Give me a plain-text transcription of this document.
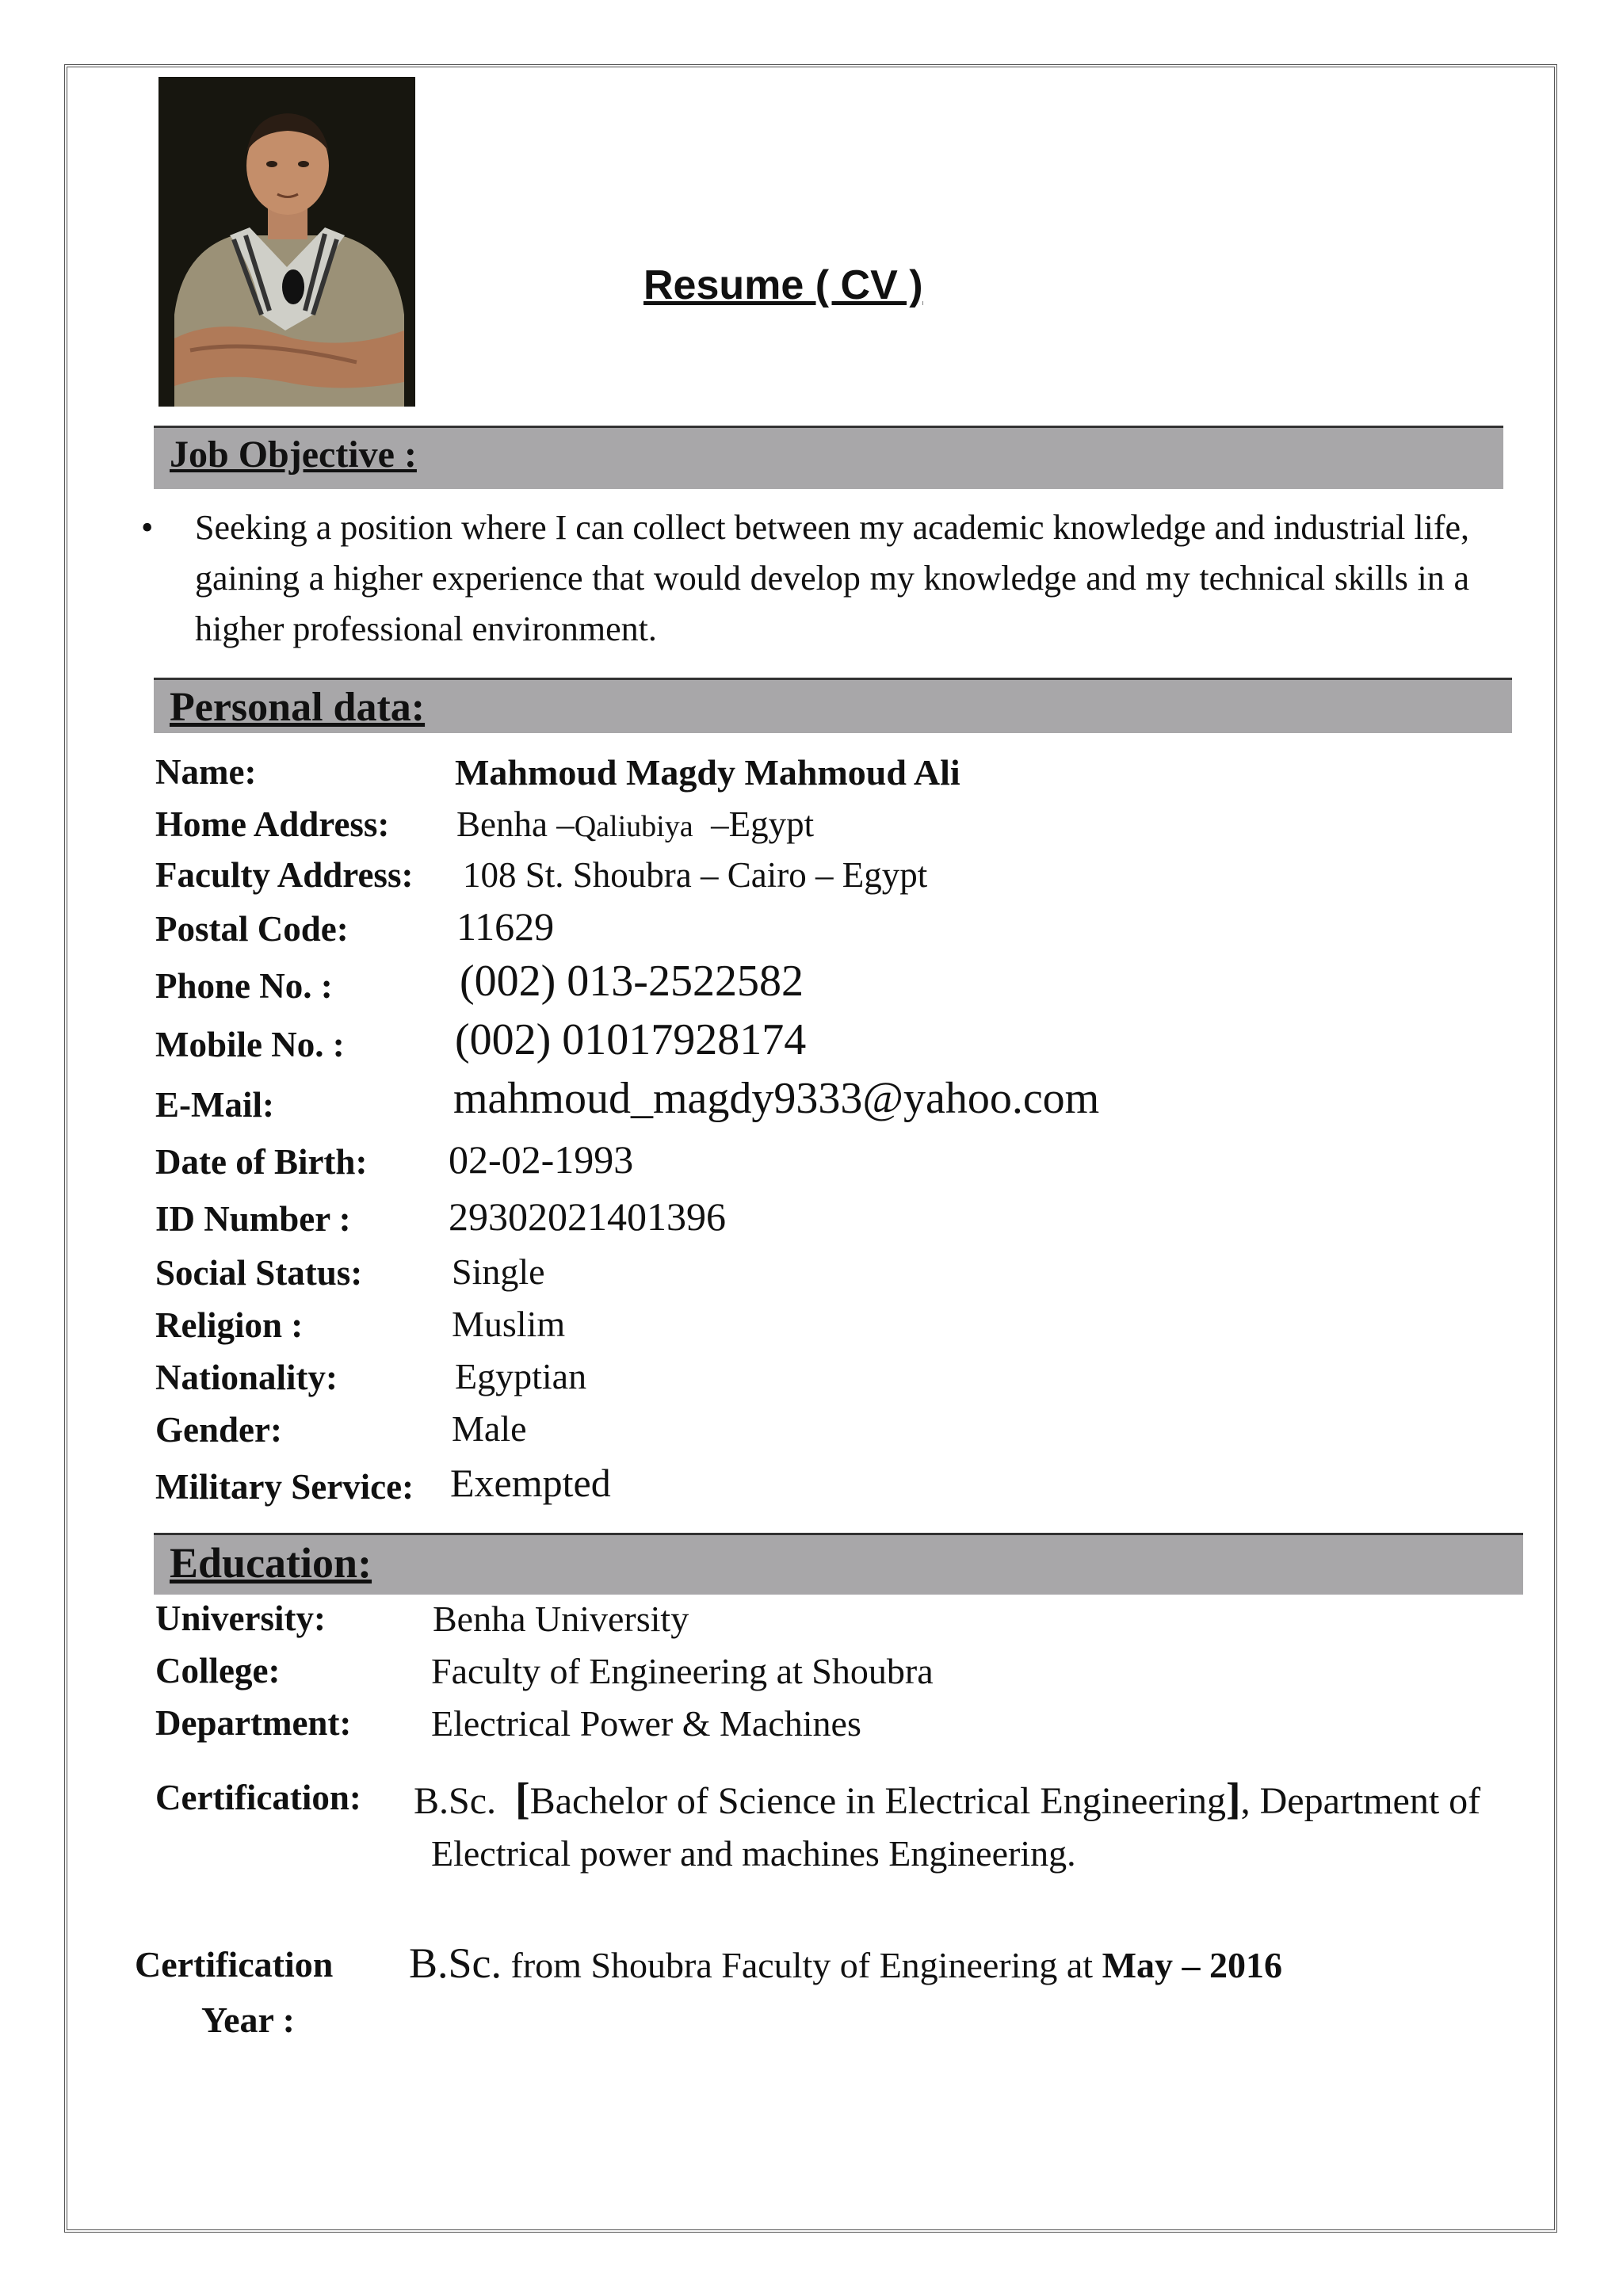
Resume ( CV )
Job Objective :
• Seeking a position where I can collect between my academic knowledge and industrial life, gaining a higher experience that would develop my knowledge and my technical skills in a higher professional environment.
Personal data:
Name:	Mahmoud Magdy Mahmoud Ali
Home Address: Benha –Qaliubiya –Egypt
Faculty Address: 108 St. Shoubra – Cairo – Egypt
Postal Code:	11629
Phone No. :	(002) 013-2522582
Mobile No. : (002) 01017928174
E-Mail:	mahmoud_magdy9333@yahoo.com
Date of Birth: 02-02-1993
ID Number : 29302021401396
Social Status: Single
Religion :	Muslim
Nationality:	Egyptian
Gender:	Male
Military Service: Exempted
Education:
University:	Benha University
College:	Faculty of Engineering at Shoubra
Department: Electrical Power & Machines
Certification: B.Sc. [Bachelor of Science in Electrical Engineering], Department of
Electrical power and machines Engineering.
Certification
Year :
B.Sc. from Shoubra Faculty of Engineering at May – 2016
